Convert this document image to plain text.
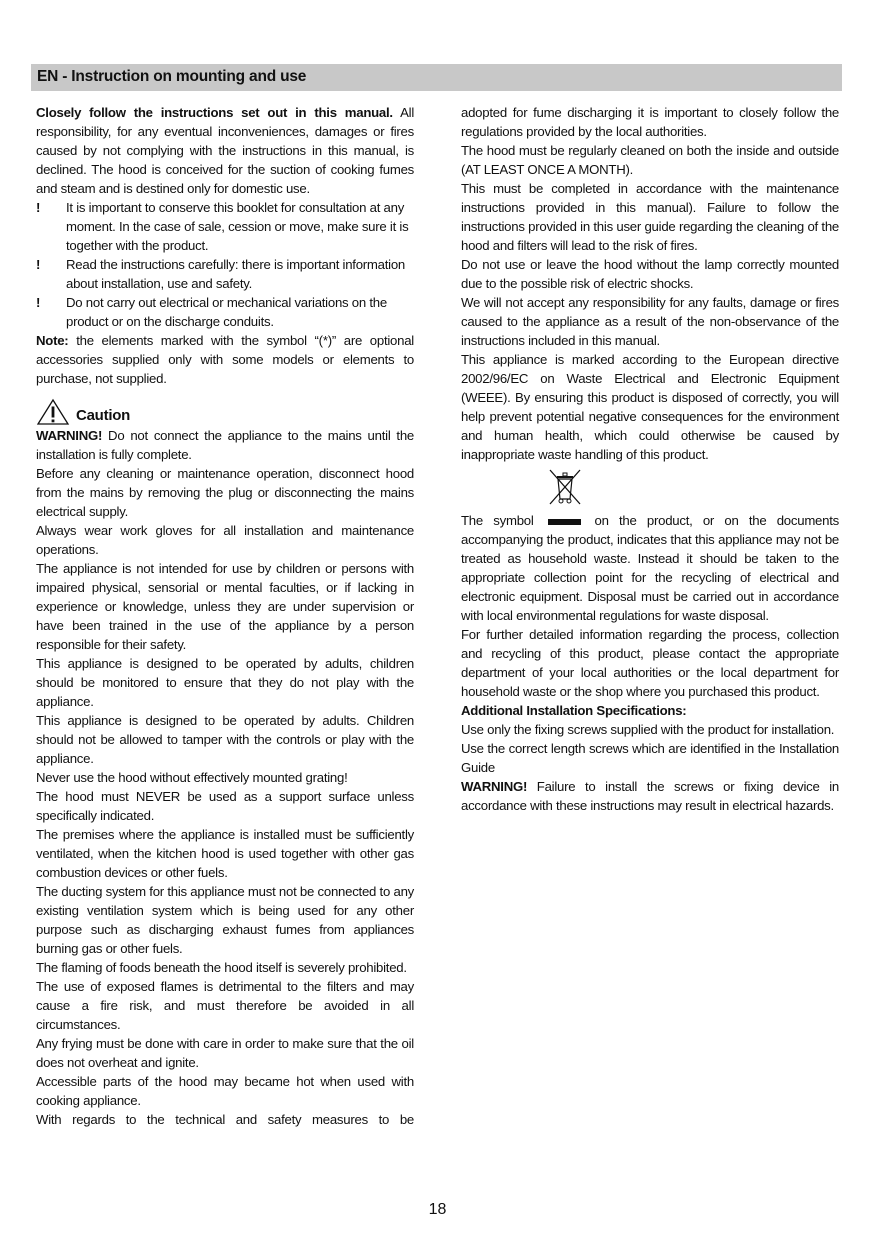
EN - Instruction on mounting and use

Closely follow the instructions set out in this manual. All responsibility, for any eventual inconveniences, damages or fires caused by not complying with the instructions in this manual, is declined. The hood is conceived for the suction of cooking fumes and steam and is destined only for domestic use.

!	It is important to conserve this booklet for consultation at any moment. In the case of sale, cession or move, make sure it is together with the product.
!	Read the instructions carefully: there is important information about installation, use and safety.
!	Do not carry out electrical or mechanical variations on the product or on the discharge conduits.

Note: the elements marked with the symbol “(*)” are optional accessories supplied only with some models or elements to purchase, not supplied.

Caution

WARNING! Do not connect the appliance to the mains until the installation is fully complete.

Before any cleaning or maintenance operation, disconnect hood from the mains by removing the plug or disconnecting the mains electrical supply.

Always wear work gloves for all installation and maintenance operations.

The appliance is not intended for use by children or persons with impaired physical, sensorial or mental faculties, or if lacking in experience or knowledge, unless they are under supervision or have been trained in the use of the appliance by a person responsible for their safety.

This appliance is designed to be operated by adults, children should be monitored to ensure that they do not play with the appliance.

This appliance is designed to be operated by adults. Children should not be allowed to tamper with the controls or play with the appliance.

Never use the hood without effectively mounted grating!

The hood must NEVER be used as a support surface unless specifically indicated.

The premises where the appliance is installed must be sufficiently ventilated, when the kitchen hood is used together with other gas combustion devices or other fuels.

The ducting system for this appliance must not be connected to any existing ventilation system which is being used for any other purpose such as discharging exhaust fumes from appliances burning gas or other fuels.

The flaming of foods beneath the hood itself is severely prohibited.

The use of exposed flames is detrimental to the filters and may cause a fire risk, and must therefore be avoided in all circumstances.

Any frying must be done with care in order to make sure that the oil does not overheat and ignite.

Accessible parts of the hood may became hot when used with cooking appliance.

With regards to the technical and safety measures to be

adopted for fume discharging it is important to closely follow the regulations provided by the local authorities.

The hood must be regularly cleaned on both the inside and outside (AT LEAST ONCE A MONTH).

This must be completed in accordance with the maintenance instructions provided in this manual). Failure to follow the instructions provided in this user guide regarding the cleaning of the hood and filters will lead to the risk of fires.

Do not use or leave the hood without the lamp correctly mounted due to the possible risk of electric shocks.

We will not accept any responsibility for any faults, damage or fires caused to the appliance as a result of the non-observance of the instructions included in this manual.

This appliance is marked according to the European directive 2002/96/EC on Waste Electrical and Electronic Equipment (WEEE). By ensuring this product is disposed of correctly, you will help prevent potential negative consequences for the environment and human health, which could otherwise be caused by inappropriate waste handling of this product.

The symbol	on the product, or on the documents

accompanying the product, indicates that this appliance may not be treated as household waste. Instead it should be taken to the appropriate collection point for the recycling of electrical and electronic equipment. Disposal must be carried out in accordance with local environmental regulations for waste disposal.

For further detailed information regarding the process, collection and recycling of this product, please contact the appropriate department of your local authorities or the local department for household waste or the shop where you purchased this product.

Additional Installation Specifications:

Use only the fixing screws supplied with the product for installation.

Use the correct length screws which are identified in the Installation Guide

WARNING! Failure to install the screws or fixing device in accordance with these instructions may result in electrical hazards.

18
